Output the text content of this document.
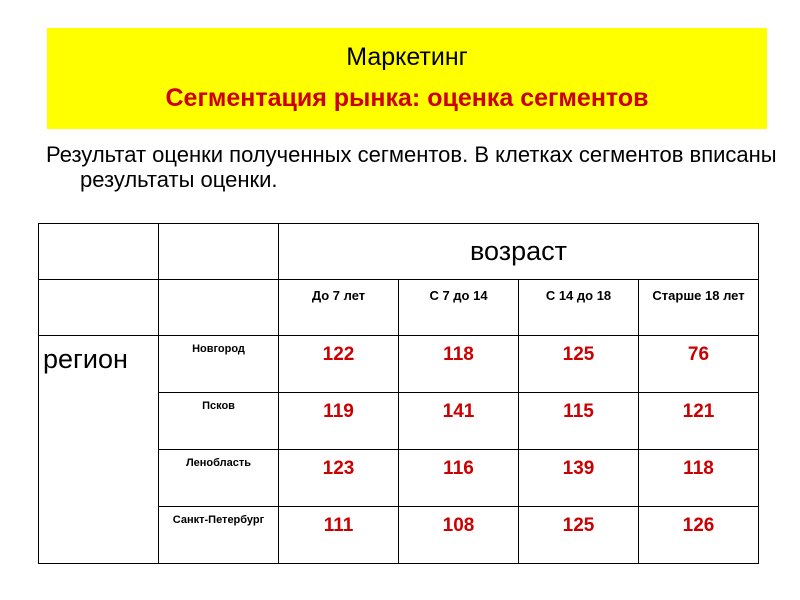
Маркетинг
Сегментация рынка: оценка сегментов
Результат оценки полученных сегментов. В клетках сегментов вписаны результаты оценки.
		возраст			
		До 7 лет	С 7 до 14	С 14 до 18	Старше 18 лет
регион	Новгород	122	118	125	76
	Псков	119	141	115	121
	Ленобласть	123	116	139	118
	Санкт-Петербург	111	108	125	126
